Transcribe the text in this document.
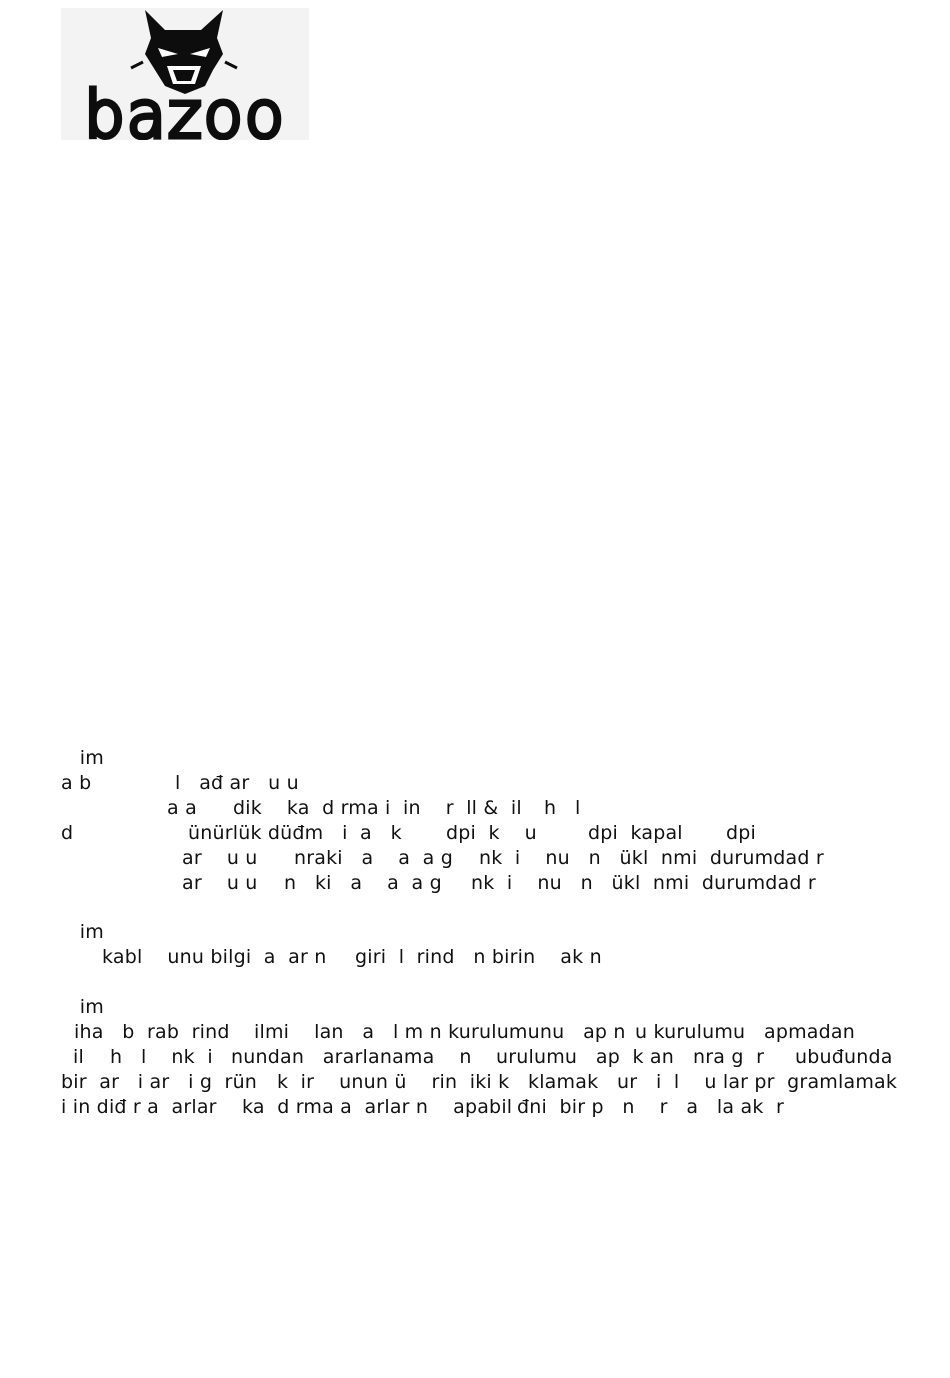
bazoo
im
a b	l   ađ ar   u u
a a dik    ka  d rma i  in    r  ll &  il h   l
d	ünürlük düđm   i  a   k dpi  k    u	dpi  kapal dpi
ar    u u nraki   a    a  a g nk  i    nu   n   ükl  nmi  durumdad r
ar    u u n   ki   a    a  a g nk  i    nu   n   ükl  nmi  durumdad r
im
kabl    unu bilgi  a  ar n giri  l  rind   n birin    ak n
im
iha   b  rab  rind ilmi    lan   a   l m n kurulumunu   ap n u kurulumu   apmadan
il h   l    nk  i nundan   ararlanama    n urulumu   ap  k an nra g  r ubuđunda
bir  ar   i ar   i g  rün k  ir    unun ü    rin  iki k klamak   ur   i  l    u lar pr  gramlamak
i in diđ r a  arlar ka  d rma a  arlar n    apabil đni  bir p   n    r   a   la ak  r
